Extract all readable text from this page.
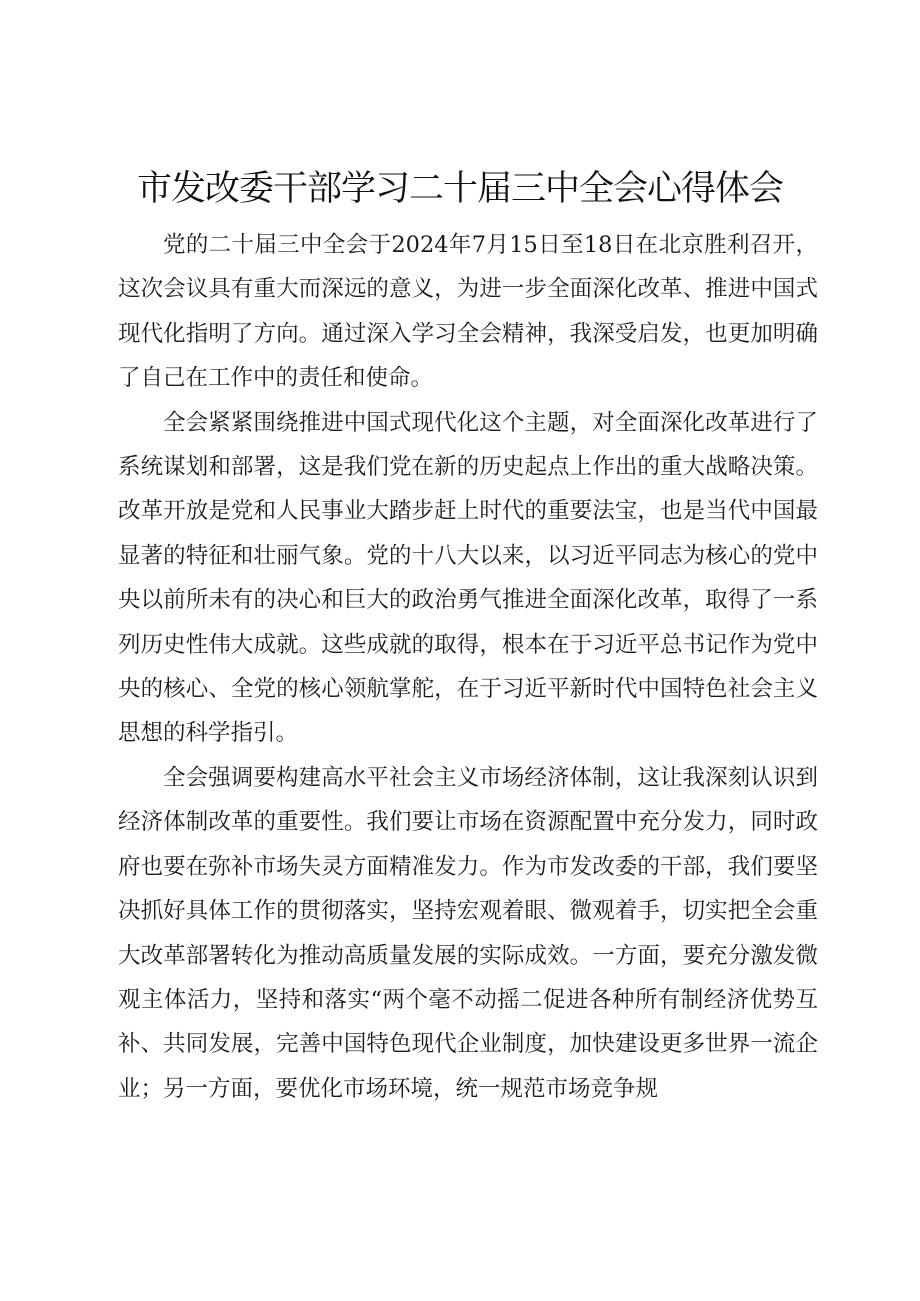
市发改委干部学习二十届三中全会心得体会

党的二十届三中全会于2024年7月15日至18日在北京胜利召开，这次会议具有重大而深远的意义，为进一步全面深化改革、推进中国式现代化指明了方向。通过深入学习全会精神，我深受启发，也更加明确了自己在工作中的责任和使命。

全会紧紧围绕推进中国式现代化这个主题，对全面深化改革进行了系统谋划和部署，这是我们党在新的历史起点上作出的重大战略决策。改革开放是党和人民事业大踏步赶上时代的重要法宝，也是当代中国最显著的特征和壮丽气象。党的十八大以来，以习近平同志为核心的党中央以前所未有的决心和巨大的政治勇气推进全面深化改革，取得了一系列历史性伟大成就。这些成就的取得，根本在于习近平总书记作为党中央的核心、全党的核心领航掌舵，在于习近平新时代中国特色社会主义思想的科学指引。

全会强调要构建高水平社会主义市场经济体制，这让我深刻认识到经济体制改革的重要性。我们要让市场在资源配置中充分发力，同时政府也要在弥补市场失灵方面精准发力。作为市发改委的干部，我们要坚决抓好具体工作的贯彻落实，坚持宏观着眼、微观着手，切实把全会重大改革部署转化为推动高质量发展的实际成效。一方面，要充分激发微观主体活力，坚持和落实“两个毫不动摇二促进各种所有制经济优势互补、共同发展，完善中国特色现代企业制度，加快建设更多世界一流企业；另一方面，要优化市场环境，统一规范市场竞争规
